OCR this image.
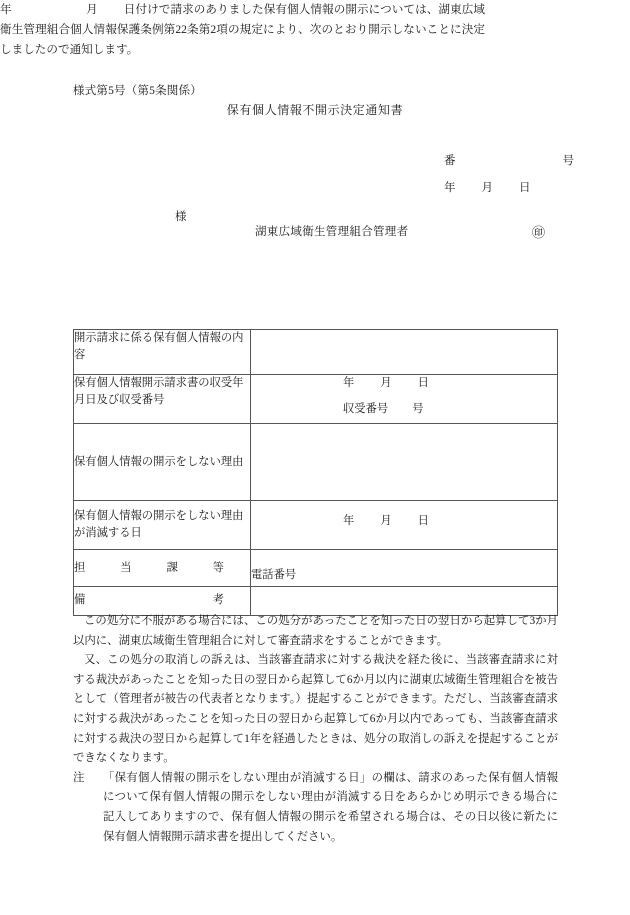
様式第5号（第5条関係）
保有個人情報不開示決定通知書
番	号
年 月 日
様
湖東広域衛生管理組合管理者	㊞
年	月 日付けで請求のありました保有個人情報の開示については、湖東広域衛生管理組合個人情報保護条例第22条第2項の規定により、次のとおり開示しないことに決定しましたので通知します。
開示請求に係る保有個人情報の内容	
保有個人情報開示請求書の収受年月日及び収受番号	年 月 日
収受番号 号

保有個人情報の開示をしない理由	

保有個人情報の開示をしない理由が消滅する日	年 月 日

担 当 課 等	電話番号

備 考	

この処分に不服がある場合には、この処分があったことを知った日の翌日から起算して3か月以内に、湖東広域衛生管理組合に対して審査請求をすることができます。

又、この処分の取消しの訴えは、当該審査請求に対する裁決を経た後に、当該審査請求に対する裁決があったことを知った日の翌日から起算して6か月以内に湖東広域衛生管理組合を被告として（管理者が被告の代表者となります。）提起することができます。ただし、当該審査請求に対する裁決があったことを知った日の翌日から起算して6か月以内であっても、当該審査請求に対する裁決の翌日から起算して1年を経過したときは、処分の取消しの訴えを提起することができなくなります。

注	「保有個人情報の開示をしない理由が消滅する日」の欄は、請求のあった保有個人情報について保有個人情報の開示をしない理由が消滅する日をあらかじめ明示できる場合に記入してありますので、保有個人情報の開示を希望される場合は、その日以後に新たに保有個人情報開示請求書を提出してください。
